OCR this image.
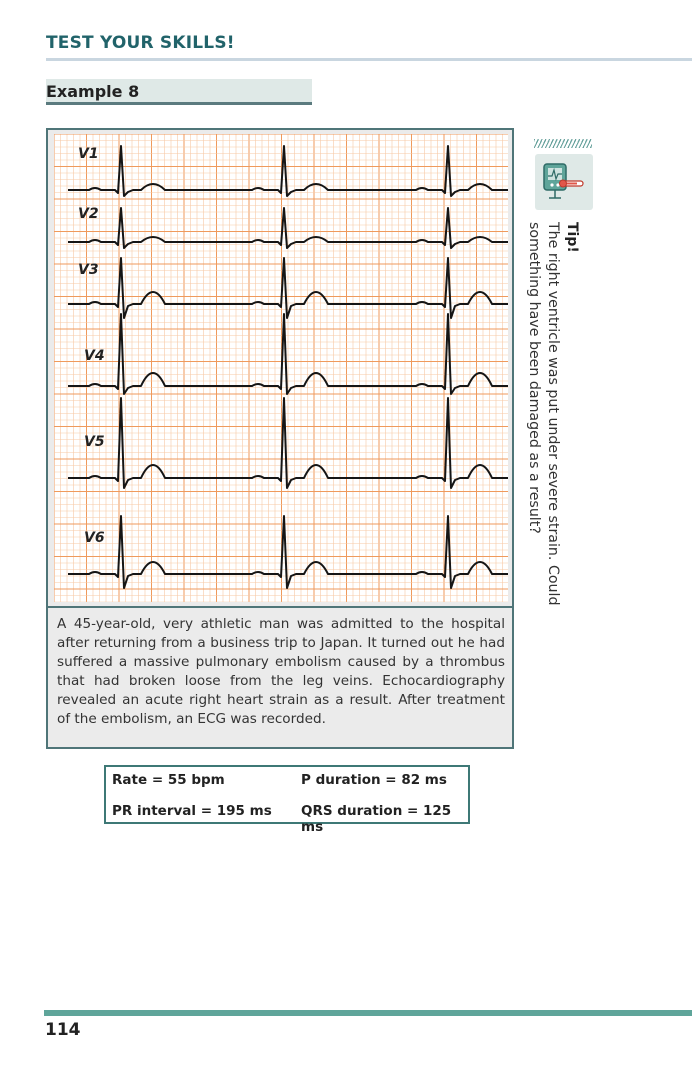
TEST YOUR SKILLS!
Example 8
V1
V2
V3
V4
V5
V6
A 45-year-old, very athletic man was admitted to the hospital after returning from a business trip to Japan. It turned out he had suffered a massive pulmonary embolism caused by a thrombus that had broken loose from the leg veins. Echocardiography revealed an acute right heart strain as a result. After treatment of the embolism, an ECG was recorded.
Rate = 55 bpm	P duration = 82 ms
PR interval = 195 ms QRS duration = 125 ms
Tip!
The right ventricle was put under severe strain. Could something have been damaged as a result?
114
